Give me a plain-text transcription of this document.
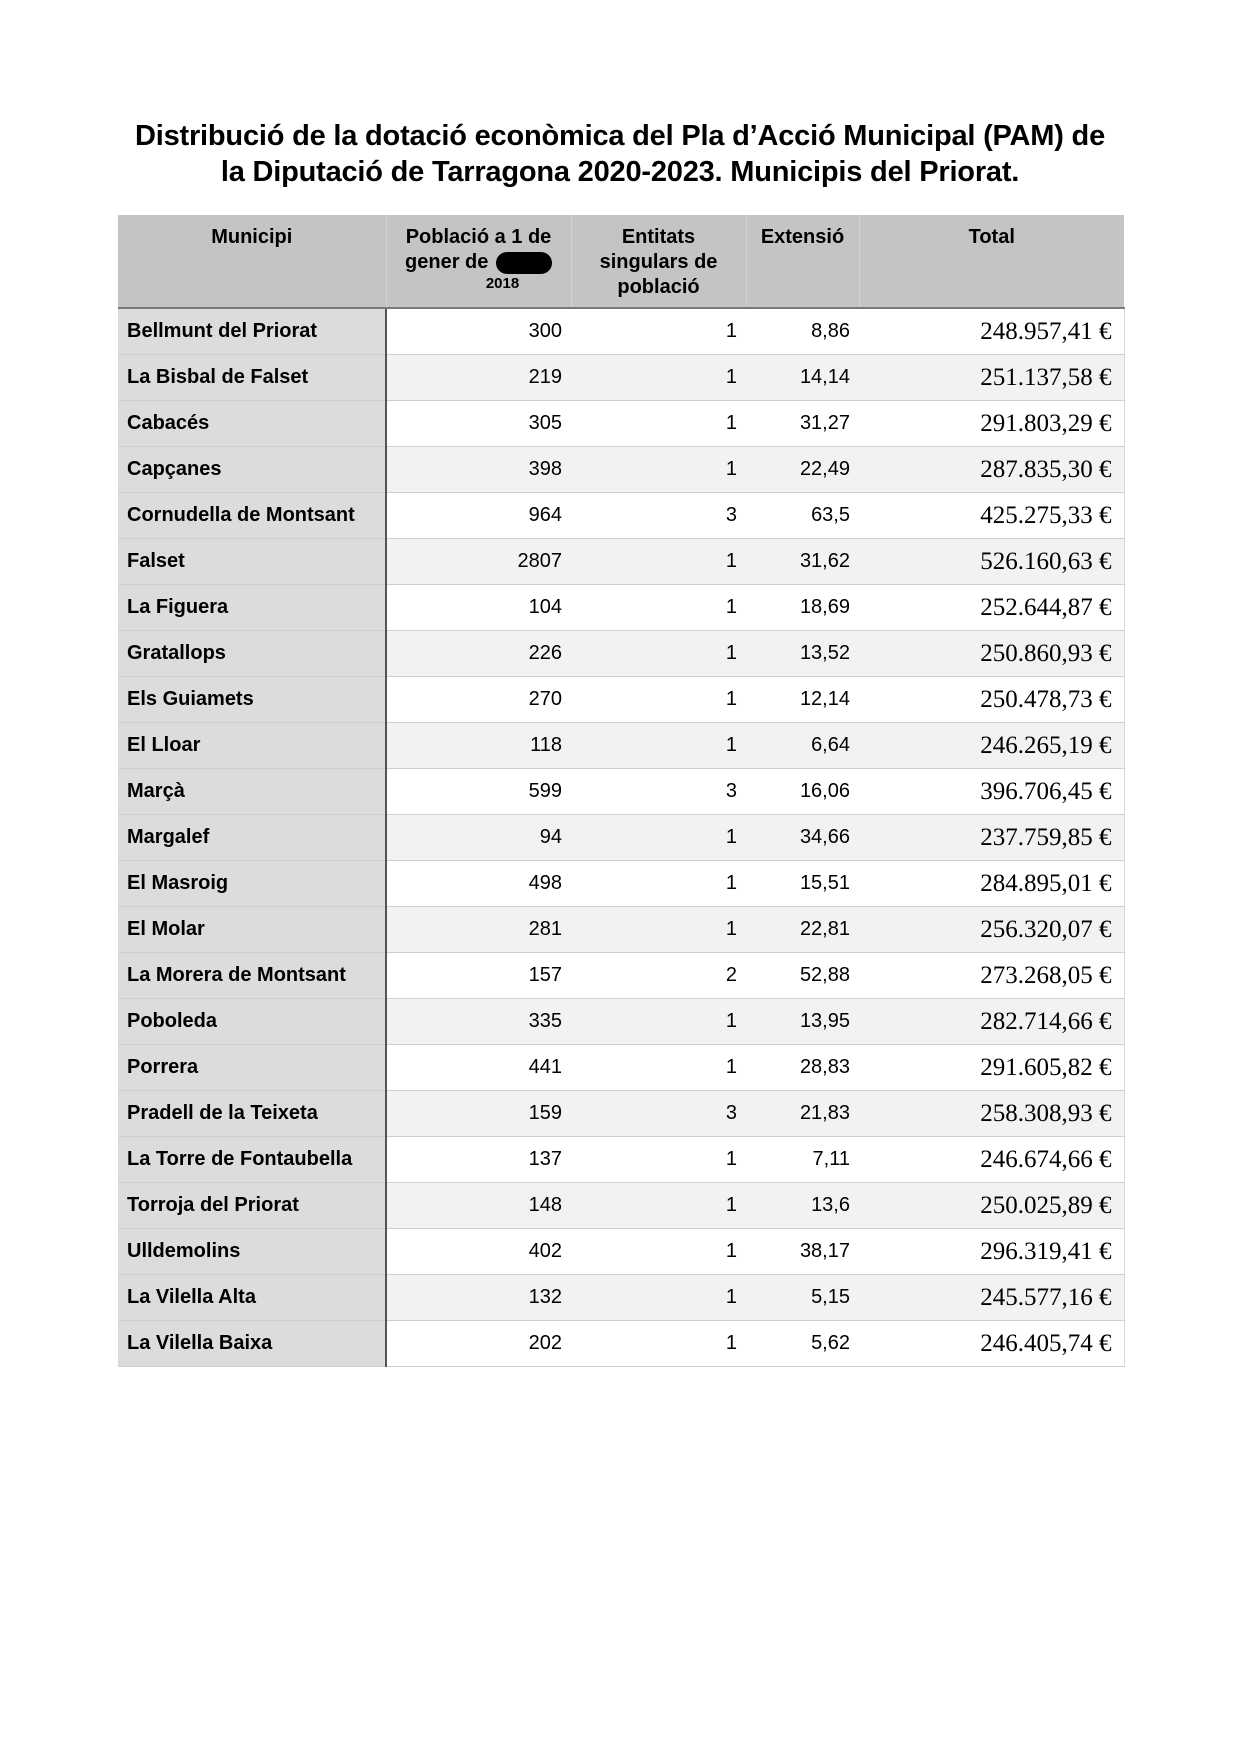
Distribució de la dotació econòmica del Pla d’Acció Municipal (PAM) de
la Diputació de Tarragona 2020-2023. Municipis del Priorat.
Municipi	Població a 1 de
gener de
2018	Entitats singulars de població	Extensió	Total
Bellmunt del Priorat	300	1	8,86	248.957,41 €
La Bisbal de Falset	219	1	14,14	251.137,58 €
Cabacés	305	1	31,27	291.803,29 €
Capçanes	398	1	22,49	287.835,30 €
Cornudella de Montsant	964	3	63,5	425.275,33 €
Falset	2807	1	31,62	526.160,63 €
La Figuera	104	1	18,69	252.644,87 €
Gratallops	226	1	13,52	250.860,93 €
Els Guiamets	270	1	12,14	250.478,73 €
El Lloar	118	1	6,64	246.265,19 €
Marçà	599	3	16,06	396.706,45 €
Margalef	94	1	34,66	237.759,85 €
El Masroig	498	1	15,51	284.895,01 €
El Molar	281	1	22,81	256.320,07 €
La Morera de Montsant	157	2	52,88	273.268,05 €
Poboleda	335	1	13,95	282.714,66 €
Porrera	441	1	28,83	291.605,82 €
Pradell de la Teixeta	159	3	21,83	258.308,93 €
La Torre de Fontaubella	137	1	7,11	246.674,66 €
Torroja del Priorat	148	1	13,6	250.025,89 €
Ulldemolins	402	1	38,17	296.319,41 €
La Vilella Alta	132	1	5,15	245.577,16 €
La Vilella Baixa	202	1	5,62	246.405,74 €
